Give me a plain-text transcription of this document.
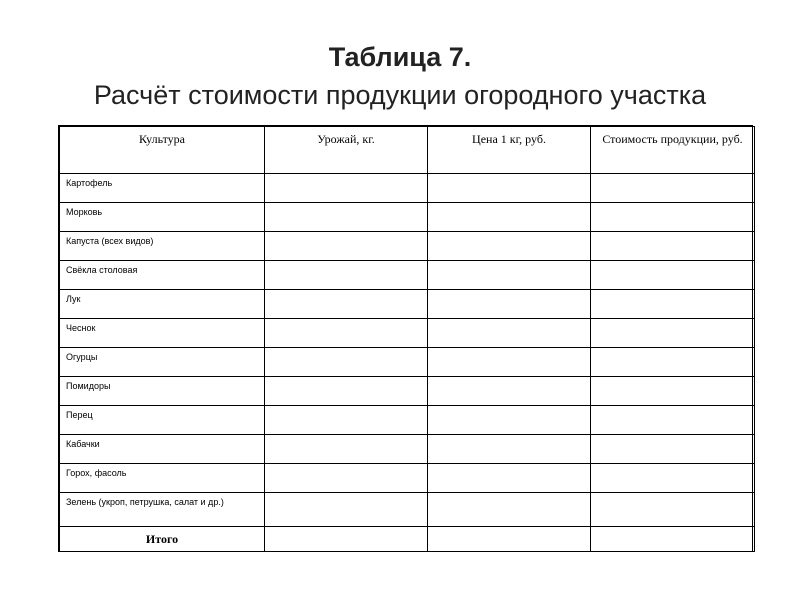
Таблица 7.
Расчёт стоимости продукции огородного участка
Культура	Урожай, кг.	Цена 1 кг, руб.	Стоимость продукции, руб.
Картофель			
Морковь			
Капуста (всех видов)			
Свёкла столовая			
Лук			
Чеснок			
Огурцы			
Помидоры			
Перец			
Кабачки			
Горох, фасоль			
Зелень (укроп, петрушка, салат и др.)			
Итого			
